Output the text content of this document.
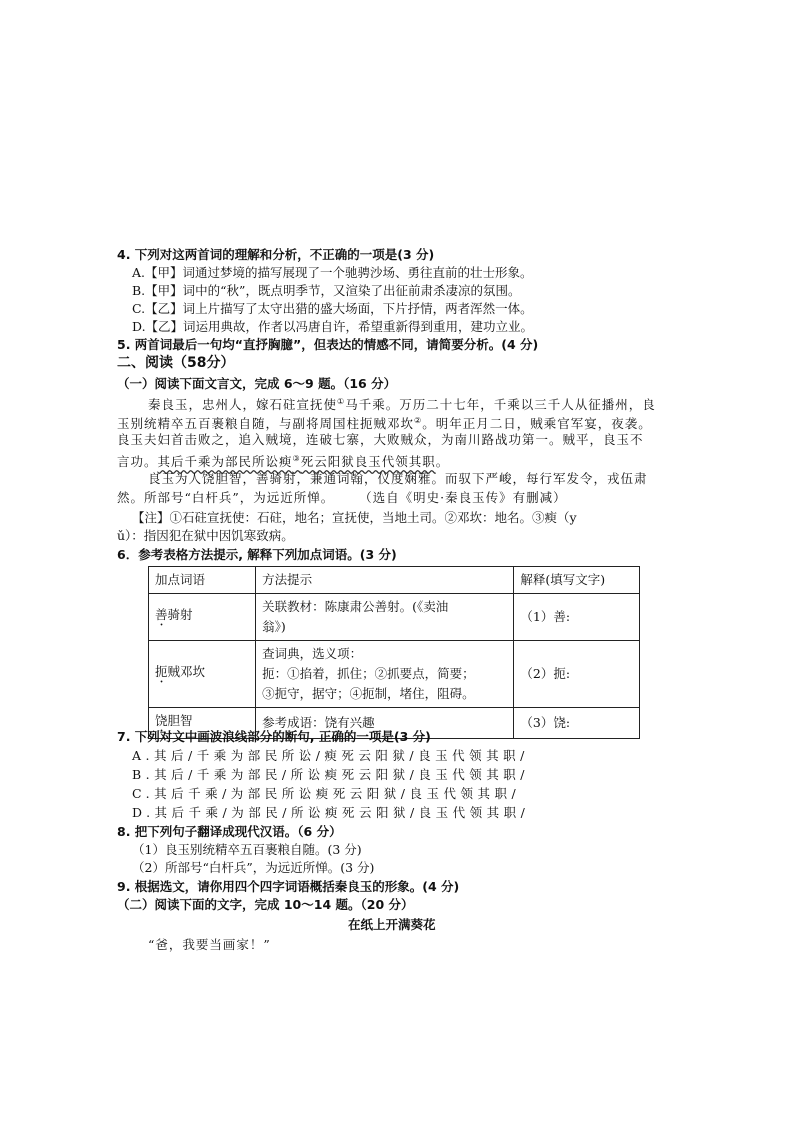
4. 下列对这两首词的理解和分析，不正确的一项是(3 分)
A.【甲】词通过梦境的描写展现了一个驰骋沙场、勇往直前的壮士形象。
B.【甲】词中的“秋”，既点明季节，又渲染了出征前肃杀凄凉的氛围。
C.【乙】词上片描写了太守出猎的盛大场面，下片抒情，两者浑然一体。
D.【乙】词运用典故，作者以冯唐自许，希望重新得到重用，建功立业。
5. 两首词最后一句均“直抒胸臆”，但表达的情感不同，请简要分析。(4 分)
二、阅读（58分）
（一）阅读下面文言文，完成 6～9 题。（16 分）
秦良玉，忠州人，嫁石砫宣抚使①马千乘。万历二十七年，千乘以三千人从征播州，良
玉别统精卒五百裹粮自随，与副将周国柱扼贼邓坎②。明年正月二日，贼乘官军宴，夜袭。
良玉夫妇首击败之，追入贼境，连破七寨，大败贼众，为南川路战功第一。贼平，良玉不
言功。其后千乘为部民所讼瘐③死云阳狱良玉代领其职。
良玉为人饶胆智，善骑射，兼通词翰，仪度娴雅。而驭下严峻，每行军发令，戎伍肃
然。所部号“白杆兵”，为远近所惮。 （选自《明史·秦良玉传》有删减）
【注】①石砫宣抚使：石砫，地名；宣抚使，当地土司。②邓坎：地名。③瘐（y
ǔ）：指因犯在狱中因饥寒致病。
6．参考表格方法提示, 解释下列加点词语。(3 分)
加点词语	方法提示	解释(填写文字)
善骑射	关联教材：陈康肃公善射。(《卖油
翁》)	（1）善:
扼贼邓坎	查词典，选义项：
扼：①掐着，抓住；②抓要点，简要；
③扼守，据守；④扼制，堵住，阻碍。	（2）扼:
饶胆智	参考成语：饶有兴趣	（3）饶:
7. 下列对文中画波浪线部分的断句, 正确的一项是(3 分)
A.其后/千乘为部民所讼/瘐死云阳狱/良玉代领其职/
B.其后/千乘为部民/所讼瘐死云阳狱/良玉代领其职/
C.其后千乘/为部民所讼瘐死云阳狱/良玉代领其职/
D.其后千乘/为部民/所讼瘐死云阳狱/良玉代领其职/
8. 把下列句子翻译成现代汉语。（6 分）
（1）良玉别统精卒五百裹粮自随。(3 分)
（2）所部号“白杆兵”，为远近所惮。(3 分)
9. 根据选文，请你用四个四字词语概括秦良玉的形象。(4 分)
（二）阅读下面的文字，完成 10～14 题。（20 分）
在纸上开满葵花
“爸，我要当画家！”
